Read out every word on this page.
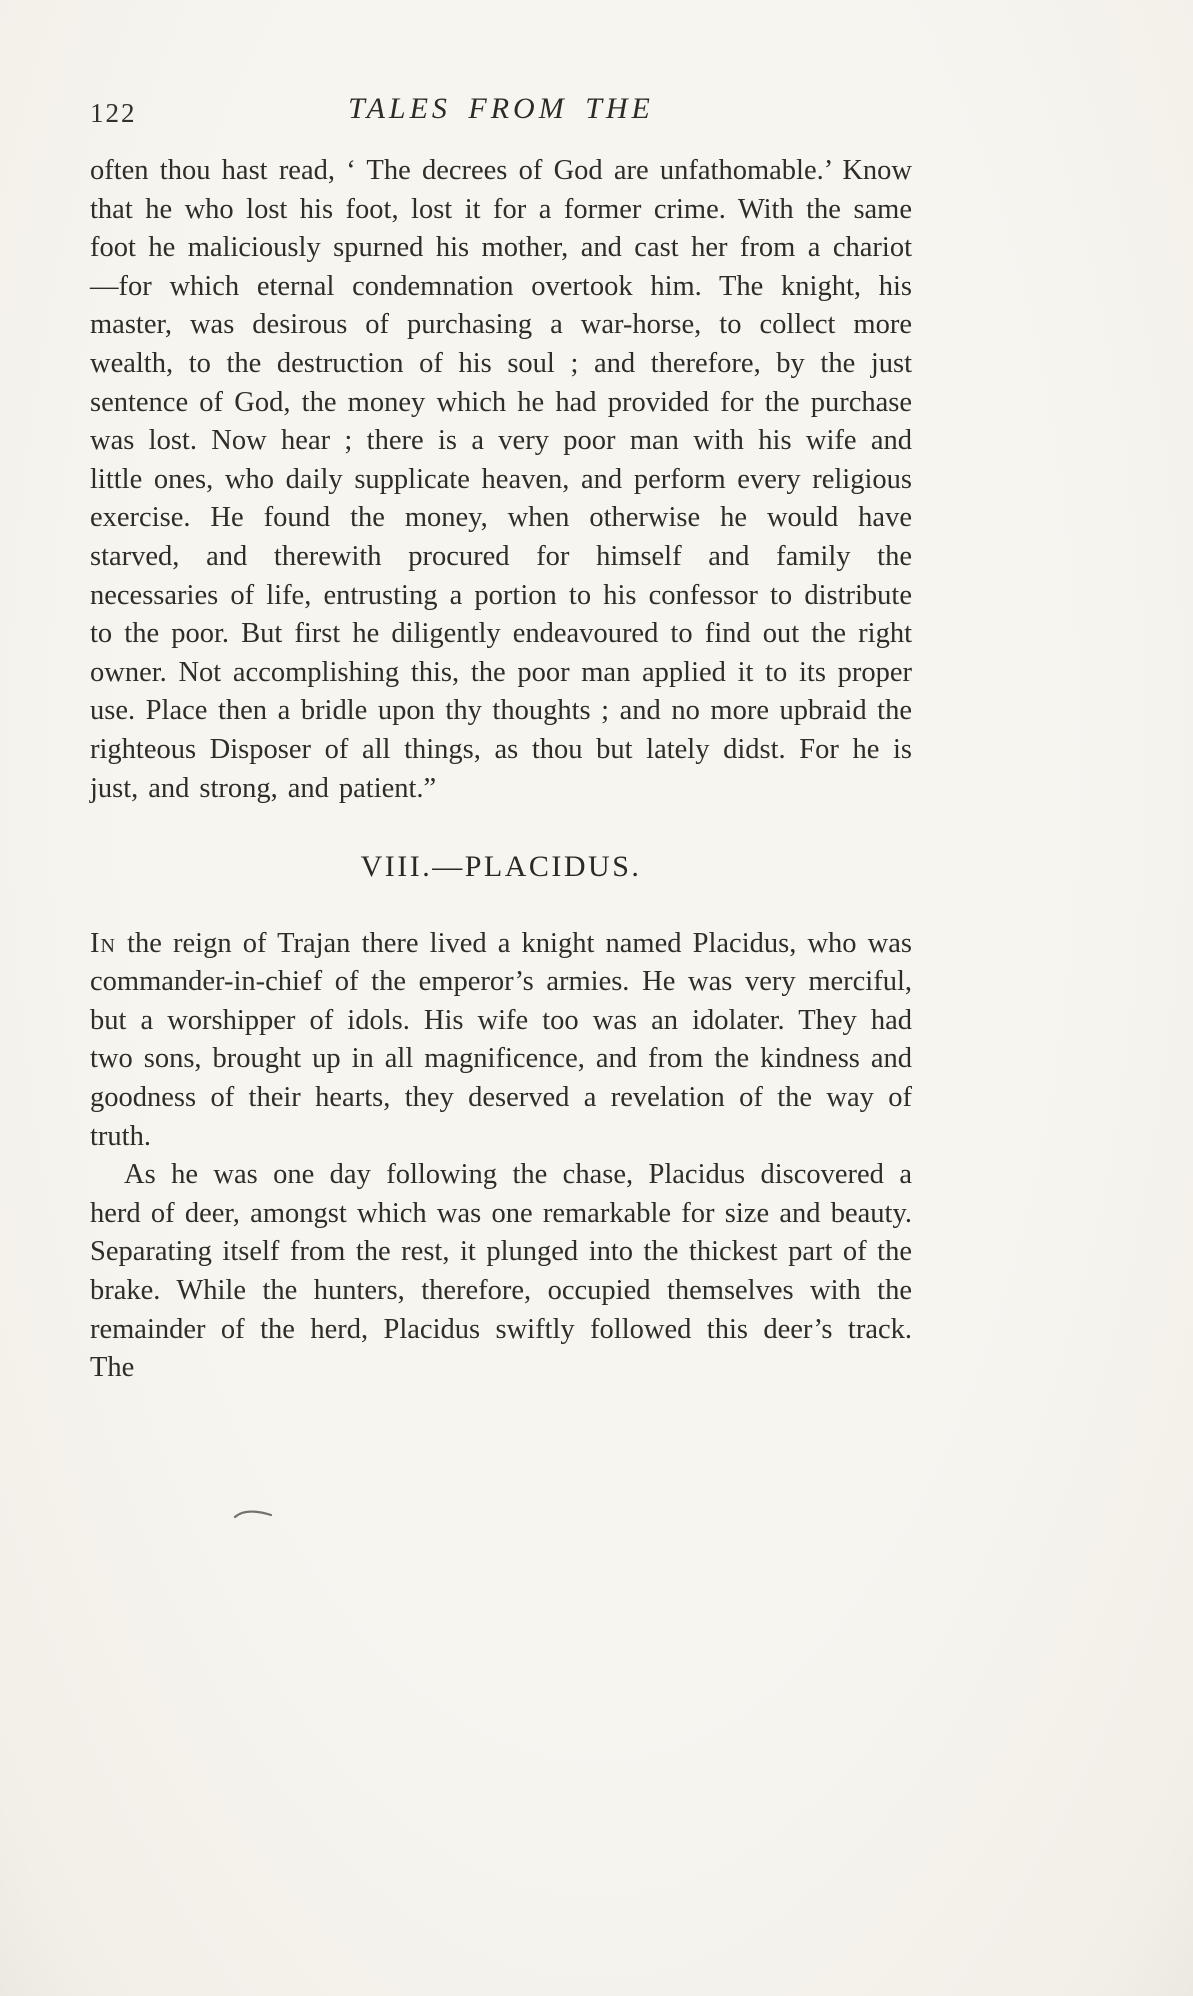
122	TALES FROM THE

often thou hast read, ‘ The decrees of God are unfathomable.’ Know that he who lost his foot, lost it for a former crime. With the same foot he maliciously spurned his mother, and cast her from a chariot—for which eternal condemnation overtook him. The knight, his master, was desirous of purchasing a war-horse, to collect more wealth, to the destruction of his soul ; and therefore, by the just sentence of God, the money which he had provided for the purchase was lost. Now hear ; there is a very poor man with his wife and little ones, who daily supplicate heaven, and perform every religious exercise. He found the money, when otherwise he would have starved, and therewith procured for himself and family the necessaries of life, entrusting a portion to his confessor to distribute to the poor. But first he diligently endeavoured to find out the right owner. Not accomplishing this, the poor man applied it to its proper use. Place then a bridle upon thy thoughts ; and no more upbraid the righteous Disposer of all things, as thou but lately didst. For he is just, and strong, and patient.”

VIII.—PLACIDUS.

In the reign of Trajan there lived a knight named Placidus, who was commander-in-chief of the emperor’s armies. He was very merciful, but a worshipper of idols. His wife too was an idolater. They had two sons, brought up in all magnificence, and from the kindness and goodness of their hearts, they deserved a revelation of the way of truth.

As he was one day following the chase, Placidus discovered a herd of deer, amongst which was one remarkable for size and beauty. Separating itself from the rest, it plunged into the thickest part of the brake. While the hunters, therefore, occupied themselves with the remainder of the herd, Placidus swiftly followed this deer’s track. The
